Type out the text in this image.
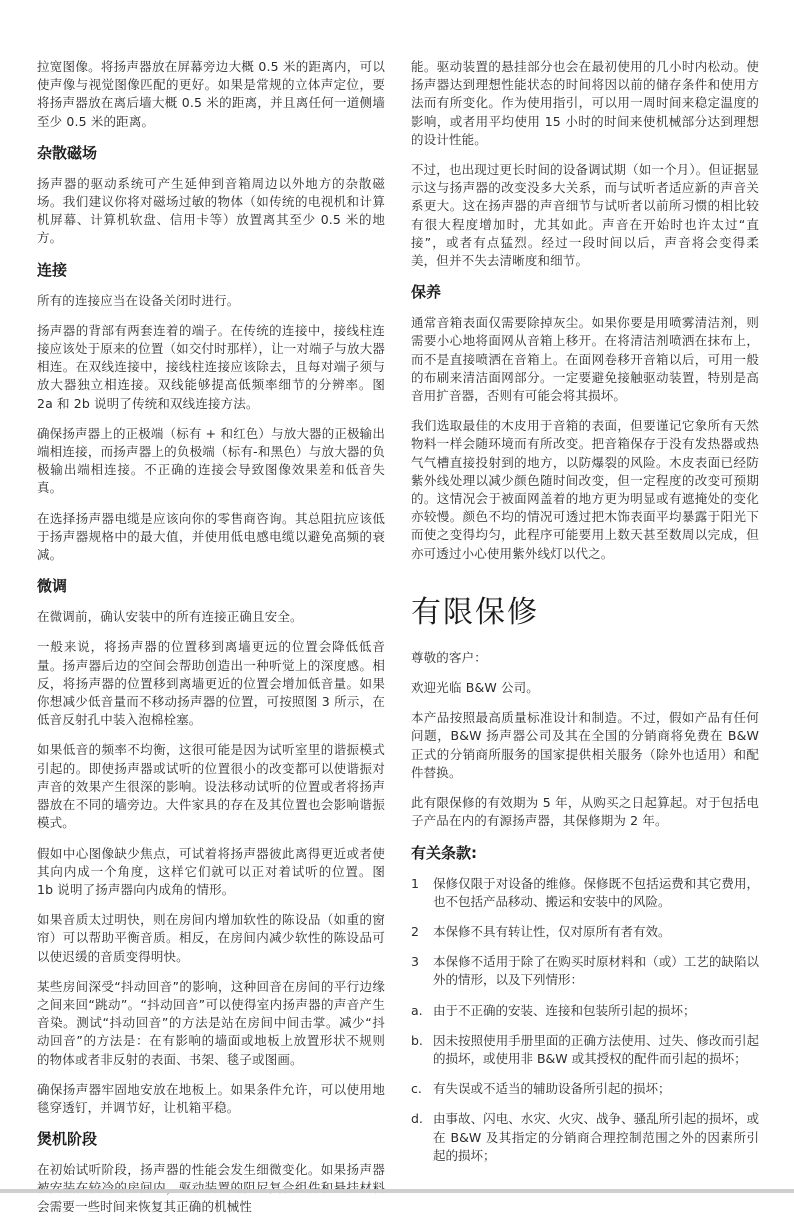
拉宽图像。将扬声器放在屏幕旁边大概 0.5 米的距离内，可以使声像与视觉图像匹配的更好。如果是常规的立体声定位，要将扬声器放在离后墙大概 0.5 米的距离，并且离任何一道侧墙至少 0.5 米的距离。

杂散磁场

扬声器的驱动系统可产生延伸到音箱周边以外地方的杂散磁场。我们建议你将对磁场过敏的物体（如传统的电视机和计算机屏幕、计算机软盘、信用卡等）放置离其至少 0.5 米的地方。

连接

所有的连接应当在设备关闭时进行。

扬声器的背部有两套连着的端子。在传统的连接中，接线柱连接应该处于原来的位置（如交付时那样），让一对端子与放大器相连。在双线连接中，接线柱连接应该除去，且每对端子须与放大器独立相连接。双线能够提高低频率细节的分辨率。图 2a 和 2b 说明了传统和双线连接方法。

确保扬声器上的正极端（标有 + 和红色）与放大器的正极输出端相连接，而扬声器上的负极端（标有-和黑色）与放大器的负极输出端相连接。不正确的连接会导致图像效果差和低音失真。

在选择扬声器电缆是应该向你的零售商咨询。其总阻抗应该低于扬声器规格中的最大值，并使用低电感电缆以避免高频的衰减。

微调

在微调前，确认安装中的所有连接正确且安全。

一般来说，将扬声器的位置移到离墙更远的位置会降低低音量。扬声器后边的空间会帮助创造出一种听觉上的深度感。相反，将扬声器的位置移到离墙更近的位置会增加低音量。如果你想减少低音量而不移动扬声器的位置，可按照图 3 所示，在低音反射孔中装入泡棉栓塞。

如果低音的频率不均衡，这很可能是因为试听室里的谐振模式引起的。即使扬声器或试听的位置很小的改变都可以使谐振对声音的效果产生很深的影响。设法移动试听的位置或者将扬声器放在不同的墙旁边。大件家具的存在及其位置也会影响谐振模式。

假如中心图像缺少焦点，可试着将扬声器彼此离得更近或者使其向内成一个角度，这样它们就可以正对着试听的位置。图 1b 说明了扬声器向内成角的情形。

如果音质太过明快，则在房间内增加软性的陈设品（如重的窗帘）可以帮助平衡音质。相反，在房间内减少软性的陈设品可以使迟缓的音质变得明快。

某些房间深受“抖动回音”的影响，这种回音在房间的平行边缘之间来回“跳动”。“抖动回音”可以使得室内扬声器的声音产生音染。测试“抖动回音”的方法是站在房间中间击掌。减少“抖动回音”的方法是：在有影响的墙面或地板上放置形状不规则的物体或者非反射的表面、书架、毯子或图画。

确保扬声器牢固地安放在地板上。如果条件允许，可以使用地毯穿透钉，并调节好，让机箱平稳。

煲机阶段

在初始试听阶段，扬声器的性能会发生细微变化。如果扬声器被安装在较冷的房间内，驱动装置的阻尼复合组件和悬挂材料会需要一些时间来恢复其正确的机械性

能。驱动装置的悬挂部分也会在最初使用的几小时内松动。使扬声器达到理想性能状态的时间将因以前的储存条件和使用方法而有所变化。作为使用指引，可以用一周时间来稳定温度的影响，或者用平均使用 15 小时的时间来使机械部分达到理想的设计性能。

不过，也出现过更长时间的设备调试期（如一个月）。但证据显示这与扬声器的改变没多大关系，而与试听者适应新的声音关系更大。这在扬声器的声音细节与试听者以前所习惯的相比较有很大程度增加时，尤其如此。声音在开始时也许太过“直接”，或者有点猛烈。经过一段时间以后，声音将会变得柔美，但并不失去清晰度和细节。

保养

通常音箱表面仅需要除掉灰尘。如果你要是用喷雾清洁剂，则需要小心地将面网从音箱上移开。在将清洁剂喷洒在抹布上，而不是直接喷洒在音箱上。在面网卷移开音箱以后，可用一般的布刷来清洁面网部分。一定要避免接触驱动装置，特别是高音用扩音器，否则有可能会将其损坏。

我们选取最佳的木皮用于音箱的表面，但要谨记它象所有天然物料一样会随环境而有所改变。把音箱保存于没有发热器或热气气槽直接投射到的地方，以防爆裂的风险。木皮表面已经防紫外线处理以减少颜色随时间改变，但一定程度的改变可预期的。这情况会于被面网盖着的地方更为明显或有遮掩处的变化亦较慢。颜色不均的情况可透过把木饰表面平均暴露于阳光下而使之变得均匀，此程序可能要用上数天甚至数周以完成，但亦可透过小心使用紫外线灯以代之。

有限保修

尊敬的客户：

欢迎光临 B&W 公司。

本产品按照最高质量标准设计和制造。不过，假如产品有任何问题，B&W 扬声器公司及其在全国的分销商将免费在 B&W 正式的分销商所服务的国家提供相关服务（除外也适用）和配件替换。

此有限保修的有效期为 5 年，从购买之日起算起。对于包括电子产品在内的有源扬声器，其保修期为 2 年。

有关条款:
1	保修仅限于对设备的维修。保修既不包括运费和其它费用，也不包括产品移动、搬运和安装中的风险。
2	本保修不具有转让性，仅对原所有者有效。
3	本保修不适用于除了在购买时原材料和（或）工艺的缺陷以外的情形，以及下列情形：
a. 由于不正确的安装、连接和包装所引起的损坏；
b. 因未按照使用手册里面的正确方法使用、过失、修改而引起的损坏，或使用非 B&W 或其授权的配件而引起的损坏；
c. 有失误或不适当的辅助设备所引起的损坏；
d. 由事故、闪电、水灾、火灾、战争、骚乱所引起的损坏，或在 B&W 及其指定的分销商合理控制范围之外的因素所引起的损坏；
